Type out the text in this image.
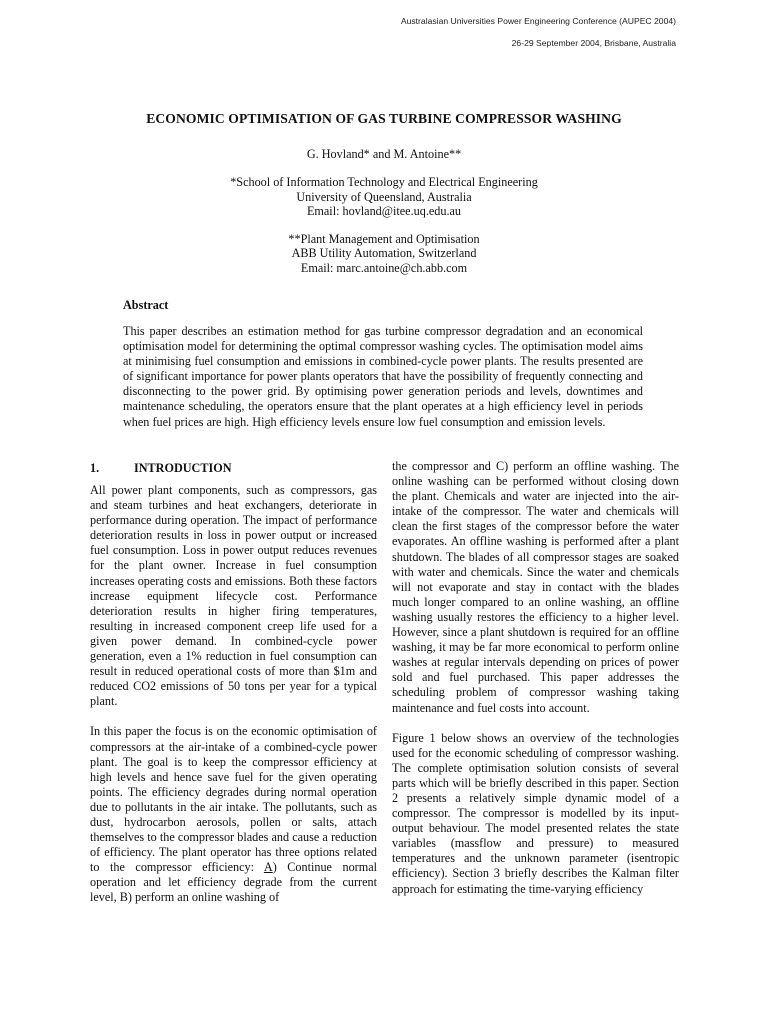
Australasian Universities Power Engineering Conference (AUPEC 2004)
26-29 September 2004, Brisbane, Australia
ECONOMIC OPTIMISATION OF GAS TURBINE COMPRESSOR WASHING
G. Hovland* and M. Antoine**
*School of Information Technology and Electrical Engineering
University of Queensland, Australia
Email: hovland@itee.uq.edu.au
**Plant Management and Optimisation
ABB Utility Automation, Switzerland
Email: marc.antoine@ch.abb.com
Abstract
This paper describes an estimation method for gas turbine compressor degradation and an economical optimisation model for determining the optimal compressor washing cycles. The optimisation model aims at minimising fuel consumption and emissions in combined-cycle power plants. The results presented are of significant importance for power plants operators that have the possibility of frequently connecting and disconnecting to the power grid. By optimising power generation periods and levels, downtimes and maintenance scheduling, the operators ensure that the plant operates at a high efficiency level in periods when fuel prices are high. High efficiency levels ensure low fuel consumption and emission levels.
1.	INTRODUCTION

All power plant components, such as compressors, gas and steam turbines and heat exchangers, deteriorate in performance during operation. The impact of performance deterioration results in loss in power output or increased fuel consumption. Loss in power output reduces revenues for the plant owner. Increase in fuel consumption increases operating costs and emissions. Both these factors increase equipment lifecycle cost. Performance deterioration results in higher firing temperatures, resulting in increased component creep life used for a given power demand. In combined-cycle power generation, even a 1% reduction in fuel consumption can result in reduced operational costs of more than $1m and reduced CO2 emissions of 50 tons per year for a typical plant.

In this paper the focus is on the economic optimisation of compressors at the air-intake of a combined-cycle power plant. The goal is to keep the compressor efficiency at high levels and hence save fuel for the given operating points. The efficiency degrades during normal operation due to pollutants in the air intake. The pollutants, such as dust, hydrocarbon aerosols, pollen or salts, attach themselves to the compressor blades and cause a reduction of efficiency. The plant operator has three options related to the compressor efficiency: A) Continue normal operation and let efficiency degrade from the current level, B) perform an online washing of

the compressor and C) perform an offline washing. The online washing can be performed without closing down the plant. Chemicals and water are injected into the air-intake of the compressor. The water and chemicals will clean the first stages of the compressor before the water evaporates. An offline washing is performed after a plant shutdown. The blades of all compressor stages are soaked with water and chemicals. Since the water and chemicals will not evaporate and stay in contact with the blades much longer compared to an online washing, an offline washing usually restores the efficiency to a higher level. However, since a plant shutdown is required for an offline washing, it may be far more economical to perform online washes at regular intervals depending on prices of power sold and fuel purchased. This paper addresses the scheduling problem of compressor washing taking maintenance and fuel costs into account.

Figure 1 below shows an overview of the technologies used for the economic scheduling of compressor washing. The complete optimisation solution consists of several parts which will be briefly described in this paper. Section 2 presents a relatively simple dynamic model of a compressor. The compressor is modelled by its input-output behaviour. The model presented relates the state variables (massflow and pressure) to measured temperatures and the unknown parameter (isentropic efficiency). Section 3 briefly describes the Kalman filter approach for estimating the time-varying efficiency
